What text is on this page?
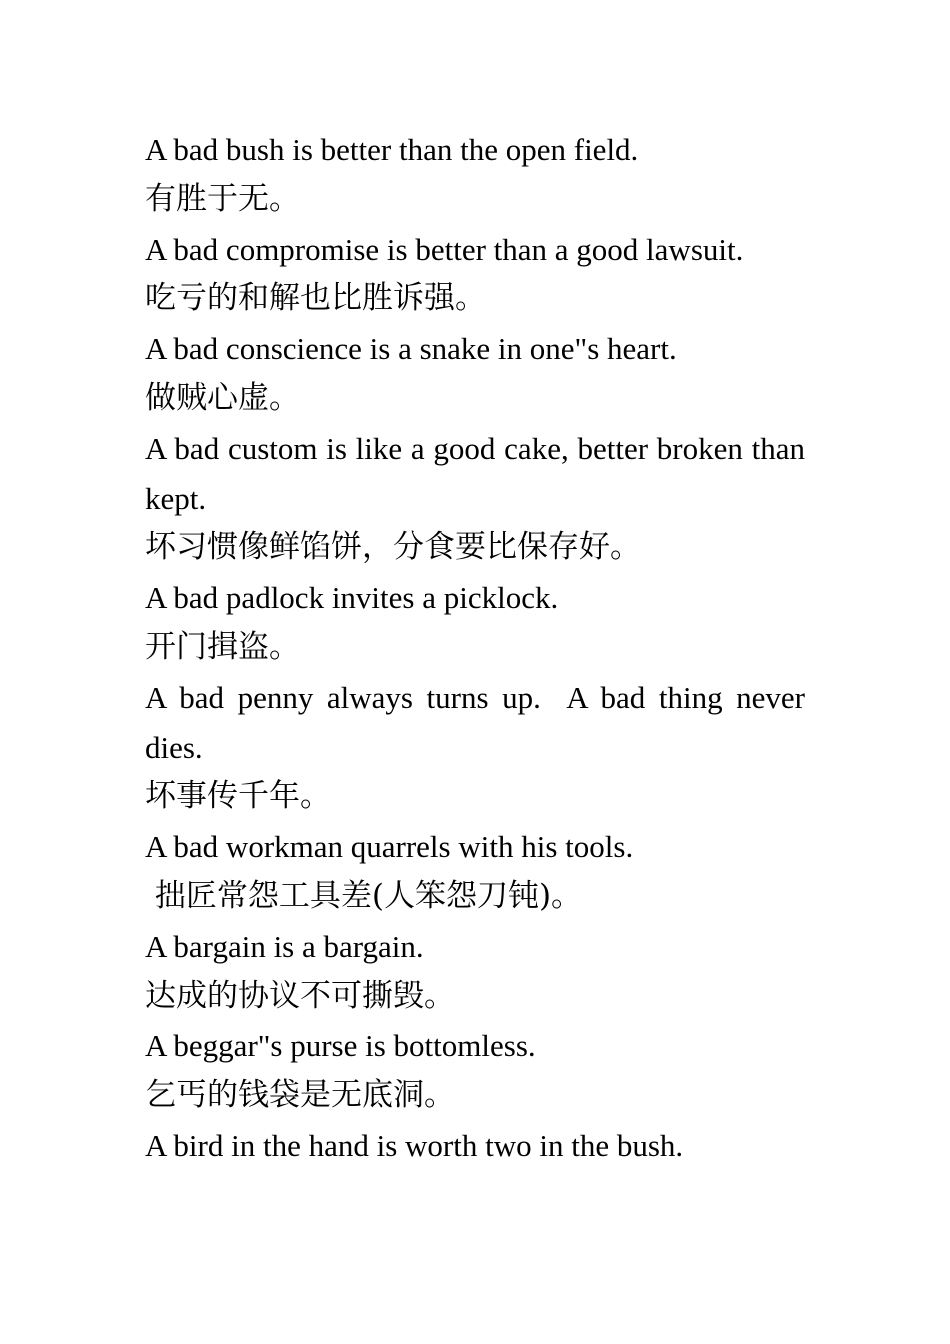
A bad bush is better than the open field.

有胜于无。

A bad compromise is better than a good lawsuit.

吃亏的和解也比胜诉强。

A bad conscience is a snake in one"s heart.

做贼心虚。

A bad custom is like a good cake, better broken than kept.

坏习惯像鲜馅饼，分食要比保存好。

A bad padlock invites a picklock.

开门揖盗。

A bad penny always turns up.  A bad thing never dies.

坏事传千年。

A bad workman quarrels with his tools.

拙匠常怨工具差(人笨怨刀钝)。

A bargain is a bargain.

达成的协议不可撕毁。

A beggar"s purse is bottomless.

乞丐的钱袋是无底洞。

A bird in the hand is worth two in the bush.
